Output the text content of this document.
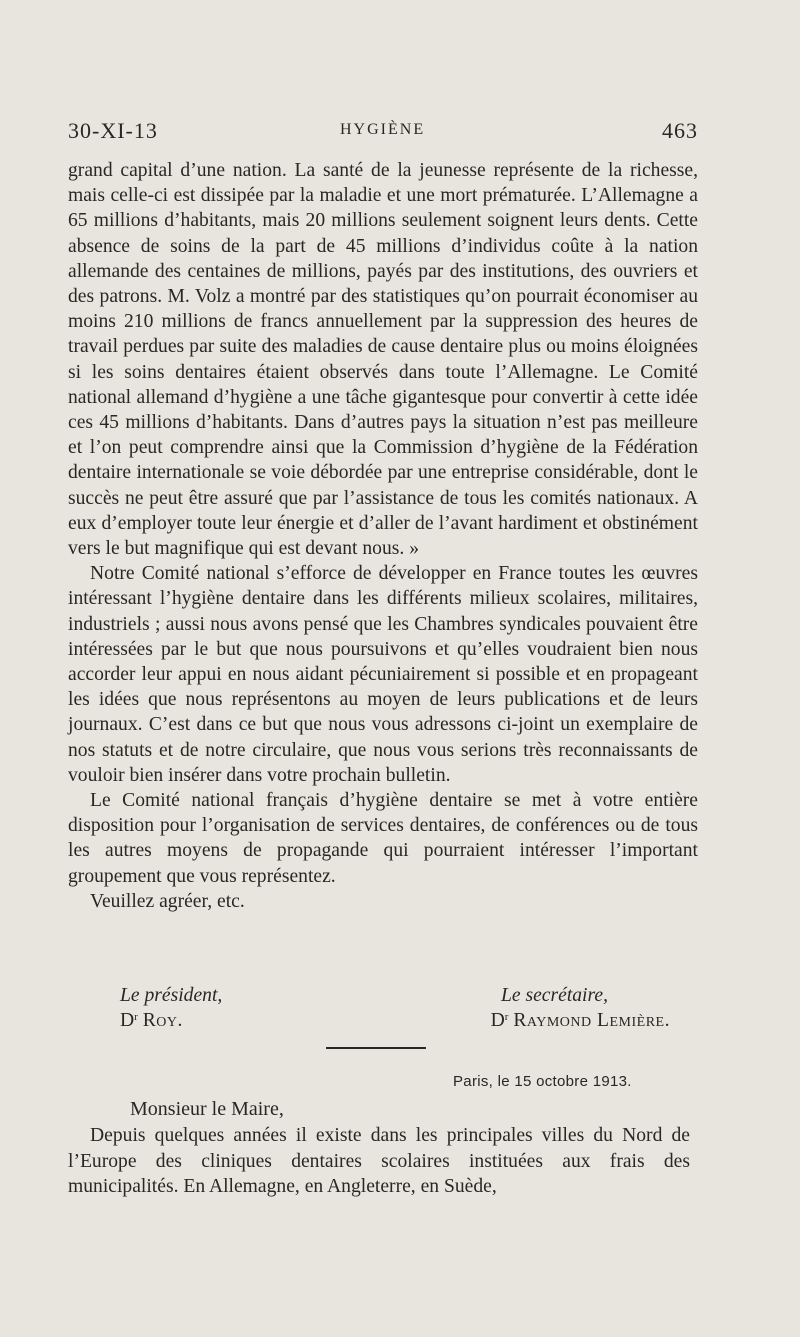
30-XI-13	HYGIÈNE	463

grand capital d’une nation. La santé de la jeunesse représente de la richesse, mais celle-ci est dissipée par la maladie et une mort prématurée. L’Allemagne a 65 millions d’habitants, mais 20 millions seulement soignent leurs dents. Cette absence de soins de la part de 45 millions d’individus coûte à la nation allemande des centaines de millions, payés par des institutions, des ouvriers et des patrons. M. Volz a montré par des statistiques qu’on pourrait économiser au moins 210 millions de francs annuellement par la suppression des heures de travail perdues par suite des maladies de cause dentaire plus ou moins éloignées si les soins dentaires étaient observés dans toute l’Allemagne. Le Comité national allemand d’hygiène a une tâche gigantesque pour convertir à cette idée ces 45 millions d’habitants. Dans d’autres pays la situation n’est pas meilleure et l’on peut comprendre ainsi que la Commission d’hygiène de la Fédération dentaire internationale se voie débordée par une entreprise considérable, dont le succès ne peut être assuré que par l’assistance de tous les comités nationaux. A eux d’employer toute leur énergie et d’aller de l’avant hardiment et obstinément vers le but magnifique qui est devant nous. »

Notre Comité national s’efforce de développer en France toutes les œuvres intéressant l’hygiène dentaire dans les différents milieux scolaires, militaires, industriels ; aussi nous avons pensé que les Chambres syndicales pouvaient être intéressées par le but que nous poursuivons et qu’elles voudraient bien nous accorder leur appui en nous aidant pécuniairement si possible et en propageant les idées que nous représentons au moyen de leurs publications et de leurs journaux. C’est dans ce but que nous vous adressons ci-joint un exemplaire de nos statuts et de notre circulaire, que nous vous serions très reconnaissants de vouloir bien insérer dans votre prochain bulletin.

Le Comité national français d’hygiène dentaire se met à votre entière disposition pour l’organisation de services dentaires, de conférences ou de tous les autres moyens de propagande qui pourraient intéresser l’important groupement que vous représentez.

Veuillez agréer, etc.

Le président,	Le secrétaire,
$D^r$ Roy.	$D^r$ Raymond Lemière.
Paris, le 15 octobre 1913.
Monsieur le Maire,

Depuis quelques années il existe dans les principales villes du Nord de l’Europe des cliniques dentaires scolaires instituées aux frais des municipalités. En Allemagne, en Angleterre, en Suède,
